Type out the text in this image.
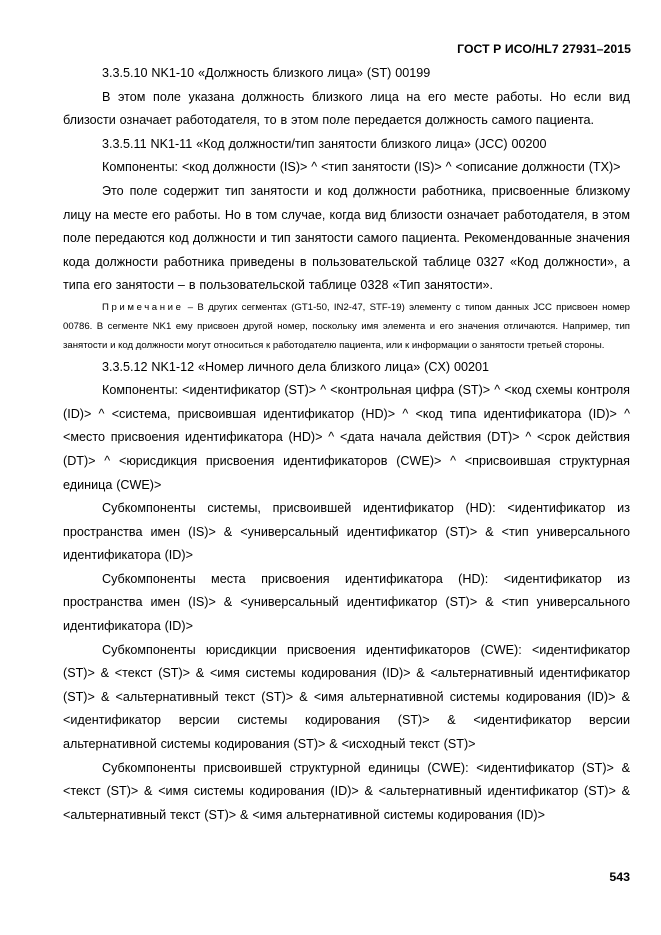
ГОСТ Р ИСО/HL7 27931–2015

3.3.5.10 NK1-10 «Должность близкого лица» (ST) 00199

В этом поле указана должность близкого лица на его месте работы. Но если вид близости означает работодателя, то в этом поле передается должность самого пациента.

3.3.5.11 NK1-11 «Код должности/тип занятости близкого лица» (JCC) 00200

Компоненты: <код должности (IS)> ^ <тип занятости (IS)> ^ <описание должности (TX)>

Это поле содержит тип занятости и код должности работника, присвоенные близкому лицу на месте его работы. Но в том случае, когда вид близости означает работодателя, в этом поле передаются код должности и тип занятости самого пациента. Рекомендованные значения кода должности работника приведены в пользовательской таблице 0327 «Код должности», а типа его занятости – в пользовательской таблице 0328 «Тип занятости».

Примечание – В других сегментах (GT1-50, IN2-47, STF-19) элементу с типом данных JCC присвоен номер 00786. В сегменте NK1 ему присвоен другой номер, поскольку имя элемента и его значения отличаются. Например, тип занятости и код должности могут относиться к работодателю пациента, или к информации о занятости третьей стороны.

3.3.5.12 NK1-12 «Номер личного дела близкого лица» (CX) 00201

Компоненты: <идентификатор (ST)> ^ <контрольная цифра (ST)> ^ <код схемы контроля (ID)> ^ <система, присвоившая идентификатор (HD)> ^ <код типа идентификатора (ID)> ^ <место присвоения идентификатора (HD)> ^ <дата начала действия (DT)> ^ <срок действия (DT)> ^ <юрисдикция присвоения идентификаторов (CWE)> ^ <присвоившая структурная единица (CWE)>

Субкомпоненты системы, присвоившей идентификатор (HD): <идентификатор из пространства имен (IS)> & <универсальный идентификатор (ST)> & <тип универсального идентификатора (ID)>

Субкомпоненты места присвоения идентификатора (HD): <идентификатор из пространства имен (IS)> & <универсальный идентификатор (ST)> & <тип универсального идентификатора (ID)>

Субкомпоненты юрисдикции присвоения идентификаторов (CWE): <идентификатор (ST)> & <текст (ST)> & <имя системы кодирования (ID)> & <альтернативный идентификатор (ST)> & <альтернативный текст (ST)> & <имя альтернативной системы кодирования (ID)> & <идентификатор версии системы кодирования (ST)> & <идентификатор версии альтернативной системы кодирования (ST)> & <исходный текст (ST)>

Субкомпоненты присвоившей структурной единицы (CWE): <идентификатор (ST)> & <текст (ST)> & <имя системы кодирования (ID)> & <альтернативный идентификатор (ST)> & <альтернативный текст (ST)> & <имя альтернативной системы кодирования (ID)>

543
